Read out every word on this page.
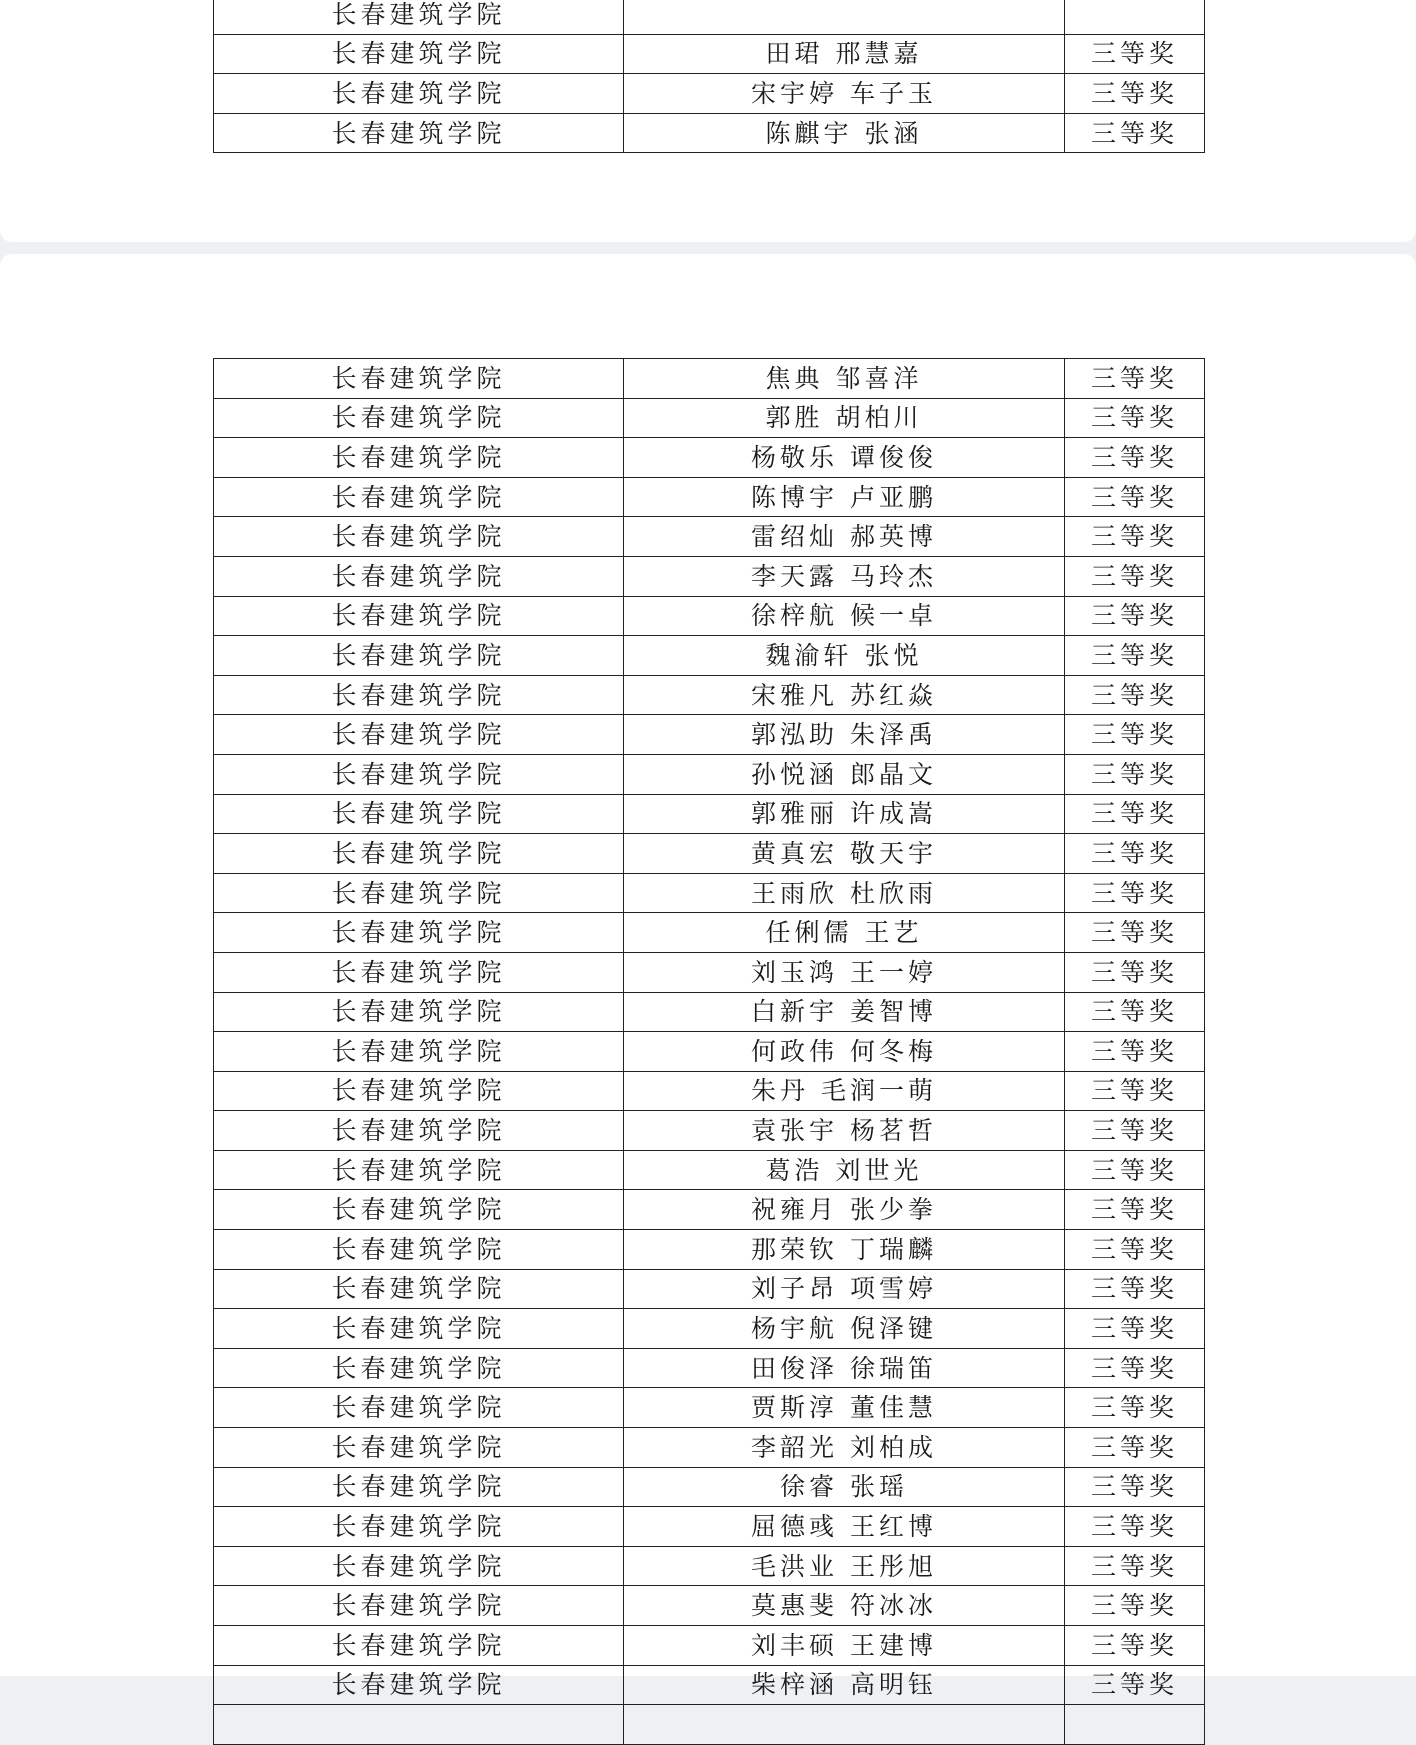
长春建筑学院		
长春建筑学院	田珺 邢慧嘉	三等奖
长春建筑学院	宋宇婷 车子玉	三等奖
长春建筑学院	陈麒宇 张涵	三等奖
长春建筑学院	焦典 邹喜洋	三等奖
长春建筑学院	郭胜 胡柏川	三等奖
长春建筑学院	杨敬乐 谭俊俊	三等奖
长春建筑学院	陈博宇 卢亚鹏	三等奖
长春建筑学院	雷绍灿 郝英博	三等奖
长春建筑学院	李天露 马玲杰	三等奖
长春建筑学院	徐梓航 候一卓	三等奖
长春建筑学院	魏渝轩 张悦	三等奖
长春建筑学院	宋雅凡 苏红焱	三等奖
长春建筑学院	郭泓助 朱泽禹	三等奖
长春建筑学院	孙悦涵 郎晶文	三等奖
长春建筑学院	郭雅丽 许成嵩	三等奖
长春建筑学院	黄真宏 敬天宇	三等奖
长春建筑学院	王雨欣 杜欣雨	三等奖
长春建筑学院	任俐儒 王艺	三等奖
长春建筑学院	刘玉鸿 王一婷	三等奖
长春建筑学院	白新宇 姜智博	三等奖
长春建筑学院	何政伟 何冬梅	三等奖
长春建筑学院	朱丹 毛润一萌	三等奖
长春建筑学院	袁张宇 杨茗哲	三等奖
长春建筑学院	葛浩 刘世光	三等奖
长春建筑学院	祝雍月 张少拳	三等奖
长春建筑学院	那荣钦 丁瑞麟	三等奖
长春建筑学院	刘子昂 项雪婷	三等奖
长春建筑学院	杨宇航 倪泽键	三等奖
长春建筑学院	田俊泽 徐瑞笛	三等奖
长春建筑学院	贾斯淳 董佳慧	三等奖
长春建筑学院	李韶光 刘柏成	三等奖
长春建筑学院	徐睿 张瑶	三等奖
长春建筑学院	屈德彧 王红博	三等奖
长春建筑学院	毛洪业 王彤旭	三等奖
长春建筑学院	莫惠斐 符冰冰	三等奖
长春建筑学院	刘丰硕 王建博	三等奖
长春建筑学院	柴梓涵 高明钰	三等奖
